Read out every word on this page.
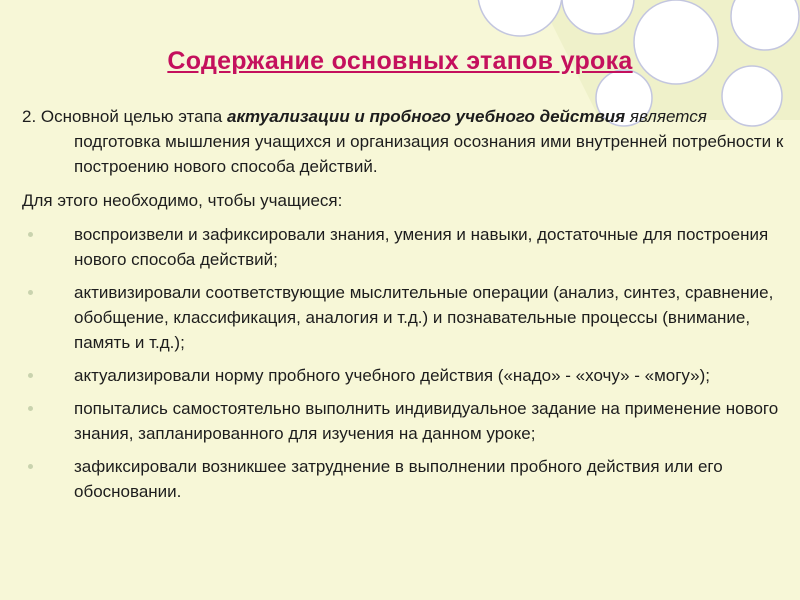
Содержание основных этапов урока

2. Основной целью этапа актуализации и пробного учебного действия является подготовка мышления учащихся и организация осознания ими внутренней потребности к построению нового способа действий.

Для этого необходимо, чтобы учащиеся:

воспроизвели и зафиксировали знания, умения и навыки, достаточные для построения нового способа действий;
активизировали соответствующие мыслительные операции (анализ, синтез, сравнение, обобщение, классификация, аналогия и т.д.) и познавательные процессы (внимание, память и т.д.);
актуализировали норму пробного учебного действия («надо» - «хочу» - «могу»);
попытались самостоятельно выполнить индивидуальное задание на применение нового знания, запланированного для изучения на данном уроке;
зафиксировали возникшее затруднение в выполнении пробного действия или его обосновании.
